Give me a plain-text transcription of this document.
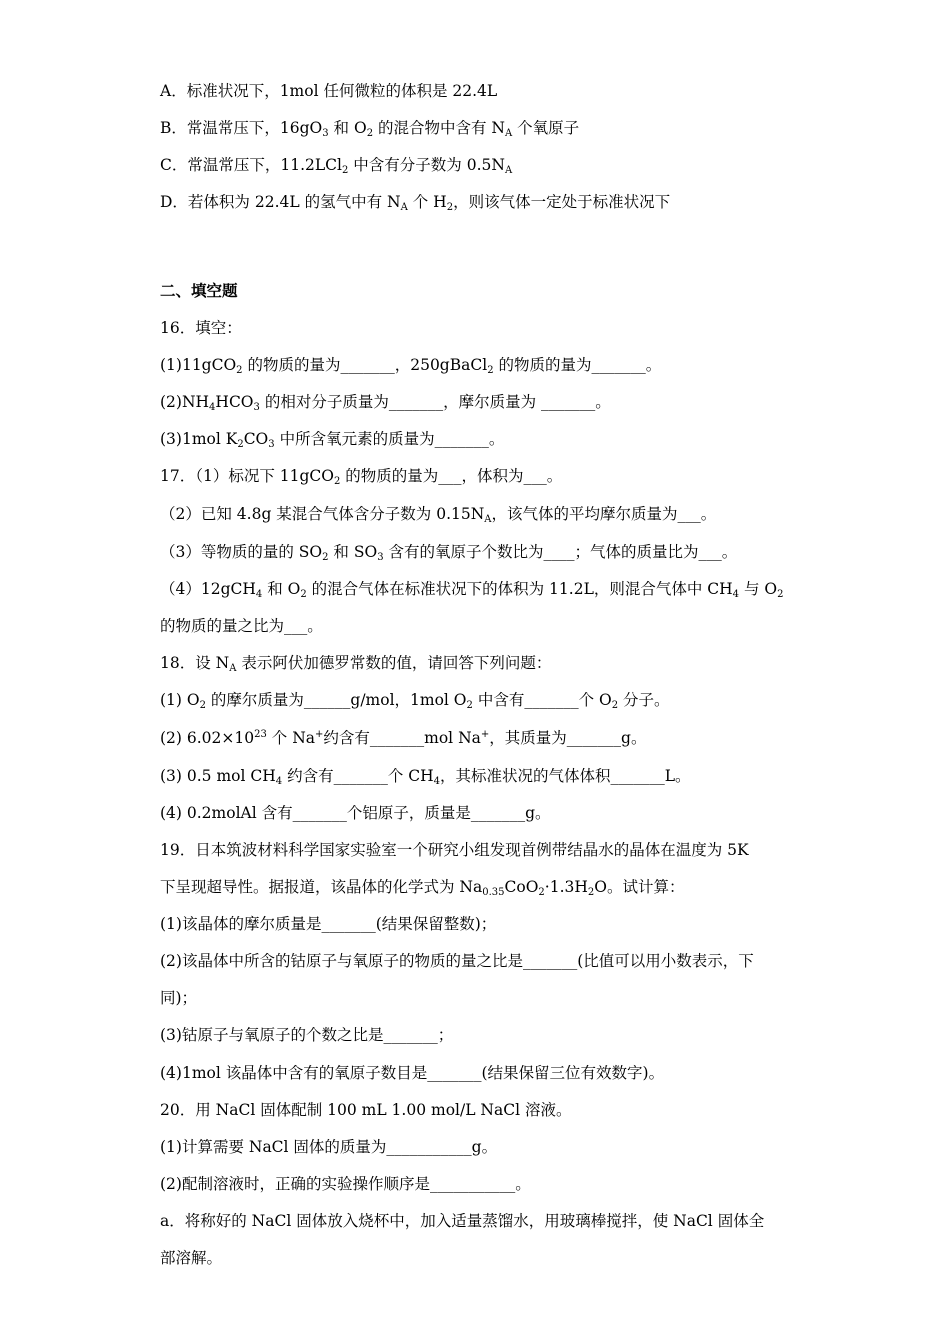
A．标准状况下，1mol 任何微粒的体积是 22.4L
B．常温常压下，$16gO_3$ 和 $O_2$ 的混合物中含有 $N_A$ 个氧原子
C．常温常压下，11.2LCl$_2$ 中含有分子数为 $0.5N_A$
D．若体积为 22.4L 的氢气中有 $N_A$ 个 $H_2$，则该气体一定处于标准状况下
二、填空题
16．填空：
(1)11gCO$_2$ 的物质的量为_______，250gBaCl$_2$ 的物质的量为_______。
$(2)NH_4HCO_3$ 的相对分子质量为_______，摩尔质量为 _______。
(3)1mol $K_2CO_3$ 中所含氧元素的质量为_______。
17．（1）标况下 11gCO$_2$ 的物质的量为___，体积为___。
（2）已知 4.8g 某混合气体含分子数为 $0.15N_A$，该气体的平均摩尔质量为___。
（3）等物质的量的 $SO_2$ 和 $SO_3$ 含有的氧原子个数比为____；气体的质量比为___。
（4）12gCH$_4$ 和 $O_2$ 的混合气体在标准状况下的体积为 11.2L，则混合气体中 $CH_4$ 与 $O_2$
的物质的量之比为___。
18．设 $N_A$ 表示阿伏加德罗常数的值，请回答下列问题：
(1) $O_2$ 的摩尔质量为______g/mol，1mol $O_2$ 中含有_______个 $O_2$ 分子。
(2) $6.02\times 10^{23}$ 个 Na+约含有_______mol Na+，其质量为_______g。
(3) 0.5 mol $CH_4$ 约含有_______个 $CH_4$，其标准状况的气体体积_______L。
(4) 0.2molAl 含有_______个铝原子，质量是_______g。
19．日本筑波材料科学国家实验室一个研究小组发现首例带结晶水的晶体在温度为 5K
下呈现超导性。据报道，该晶体的化学式为 $Na_{0.35}CoO_2\cdot 1.3H_2O$。试计算：
(1)该晶体的摩尔质量是_______(结果保留整数)；
(2)该晶体中所含的钴原子与氧原子的物质的量之比是_______(比值可以用小数表示，下
同)；
(3)钴原子与氧原子的个数之比是_______；
(4)1mol 该晶体中含有的氧原子数目是_______(结果保留三位有效数字)。
20．用 NaCl 固体配制 100 mL 1.00 mol/L NaCl 溶液。
(1)计算需要 NaCl 固体的质量为___________g。
(2)配制溶液时，正确的实验操作顺序是___________。
a．将称好的 NaCl 固体放入烧杯中，加入适量蒸馏水，用玻璃棒搅拌，使 NaCl 固体全
部溶解。
